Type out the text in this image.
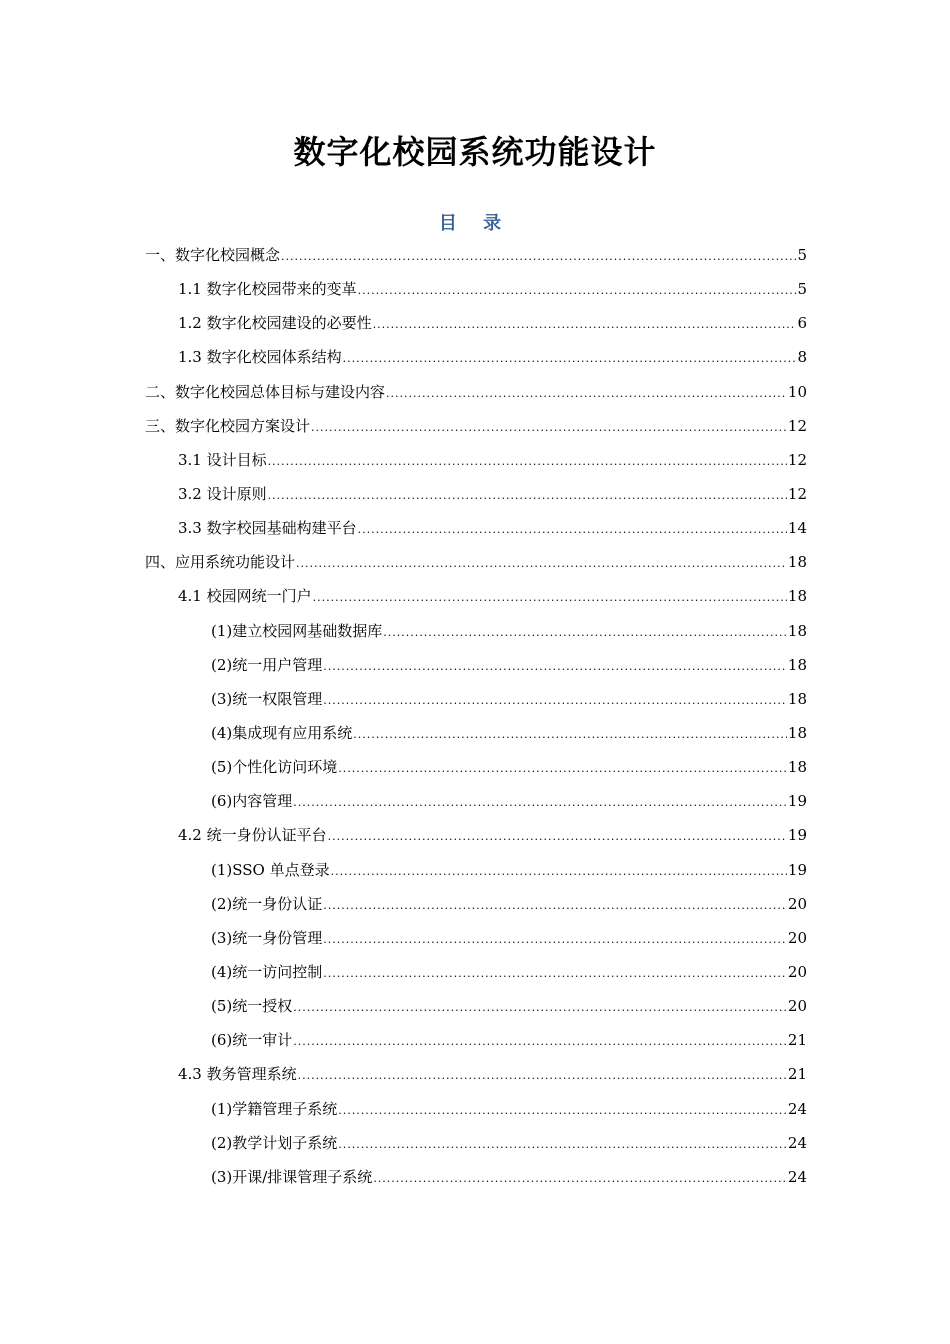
数字化校园系统功能设计
目 录
一、数字化校园概念 .....	5
1.1 数字化校园带来的变革 .....	5
1.2 数字化校园建设的必要性 .....	6
1.3 数字化校园体系结构 .....	8
二、数字化校园总体目标与建设内容 .....	10
三、数字化校园方案设计 .....	12
3.1 设计目标 .....	12
3.2 设计原则 .....	12
3.3 数字校园基础构建平台 .....	14
四、应用系统功能设计 .....	18
4.1 校园网统一门户 .....	18
(1)建立校园网基础数据库 .....	18
(2)统一用户管理 .....	18
(3)统一权限管理 .....	18
(4)集成现有应用系统 .....	18
(5)个性化访问环境 .....	18
(6)内容管理 .....	19
4.2 统一身份认证平台 .....	19
(1)SSO 单点登录 .....	19
(2)统一身份认证 .....	20
(3)统一身份管理 .....	20
(4)统一访问控制 .....	20
(5)统一授权 .....	20
(6)统一审计 .....	21
4.3 教务管理系统 .....	21
(1)学籍管理子系统 .....	24
(2)教学计划子系统 .....	24
(3)开课/排课管理子系统 .....	24
